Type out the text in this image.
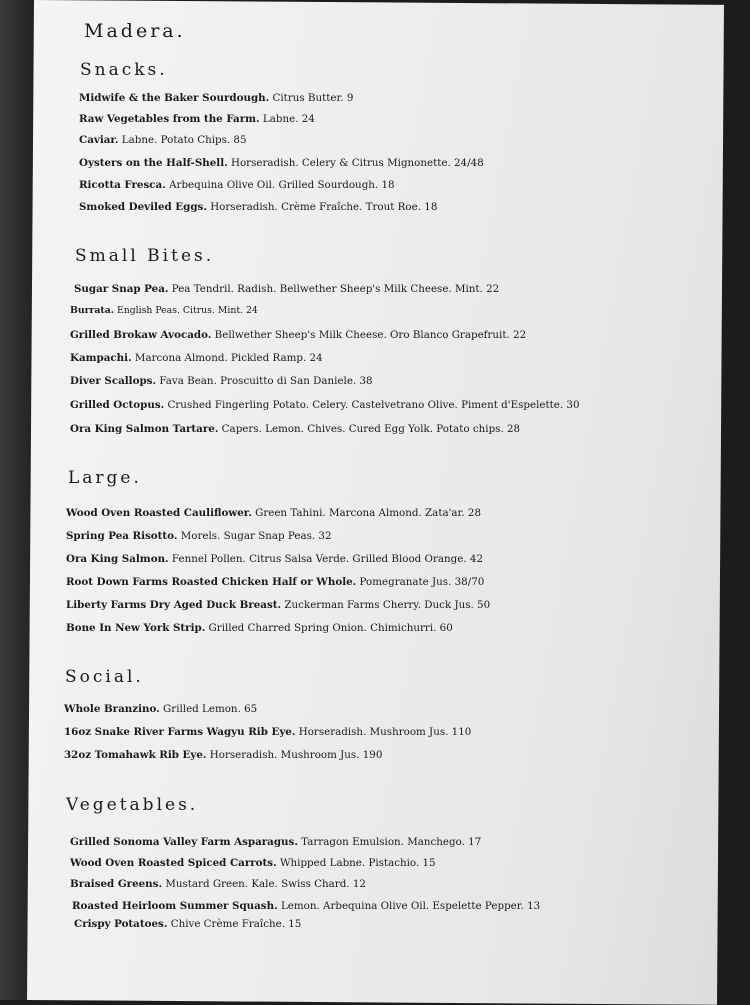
Madera.
Snacks.
Midwife & the Baker Sourdough. Citrus Butter. 9
Raw Vegetables from the Farm. Labne. 24
Caviar. Labne. Potato Chips. 85
Oysters on the Half-Shell. Horseradish. Celery & Citrus Mignonette. 24/48
Ricotta Fresca. Arbequina Olive Oil. Grilled Sourdough. 18
Smoked Deviled Eggs. Horseradish. Crème Fraîche. Trout Roe. 18
Small Bites.
Sugar Snap Pea. Pea Tendril. Radish. Bellwether Sheep's Milk Cheese. Mint. 22
Burrata. English Peas. Citrus. Mint. 24
Grilled Brokaw Avocado. Bellwether Sheep's Milk Cheese. Oro Blanco Grapefruit. 22
Kampachi. Marcona Almond. Pickled Ramp. 24
Diver Scallops. Fava Bean. Proscuitto di San Daniele. 38
Grilled Octopus. Crushed Fingerling Potato. Celery. Castelvetrano Olive. Piment d'Espelette. 30
Ora King Salmon Tartare. Capers. Lemon. Chives. Cured Egg Yolk. Potato chips. 28
Large.
Wood Oven Roasted Cauliflower. Green Tahini. Marcona Almond. Zata'ar. 28
Spring Pea Risotto. Morels. Sugar Snap Peas. 32
Ora King Salmon. Fennel Pollen. Citrus Salsa Verde. Grilled Blood Orange. 42
Root Down Farms Roasted Chicken Half or Whole. Pomegranate Jus. 38/70
Liberty Farms Dry Aged Duck Breast. Zuckerman Farms Cherry. Duck Jus. 50
Bone In New York Strip. Grilled Charred Spring Onion. Chimichurri. 60
Social.
Whole Branzino. Grilled Lemon. 65
16oz Snake River Farms Wagyu Rib Eye. Horseradish. Mushroom Jus. 110
32oz Tomahawk Rib Eye. Horseradish. Mushroom Jus. 190
Vegetables.
Grilled Sonoma Valley Farm Asparagus. Tarragon Emulsion. Manchego. 17
Wood Oven Roasted Spiced Carrots. Whipped Labne. Pistachio. 15
Braised Greens. Mustard Green. Kale. Swiss Chard. 12
Roasted Heirloom Summer Squash. Lemon. Arbequina Olive Oil. Espelette Pepper. 13
Crispy Potatoes. Chive Crème Fraîche. 15
